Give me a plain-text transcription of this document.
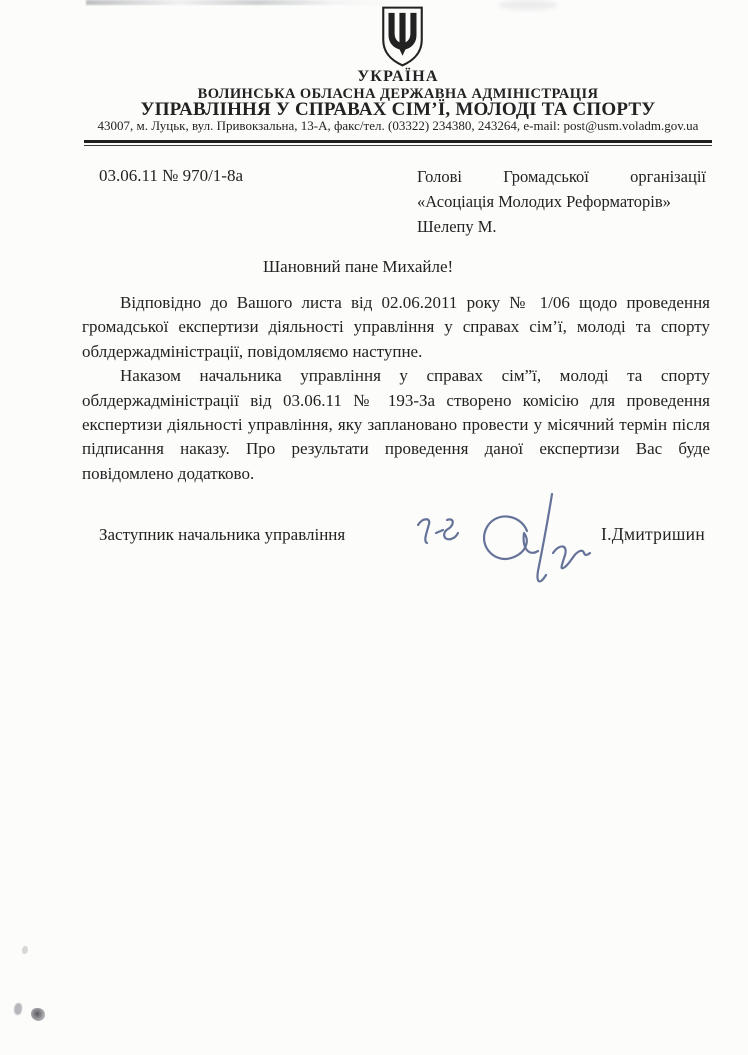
УКРАЇНА
ВОЛИНСЬКА ОБЛАСНА ДЕРЖАВНА АДМІНІСТРАЦІЯ
УПРАВЛІННЯ У СПРАВАХ СІМ’Ї, МОЛОДІ ТА СПОРТУ
43007, м. Луцьк, вул. Привокзальна, 13-А, факс/тел. (03322) 234380, 243264, e-mail: post@usm.voladm.gov.ua
03.06.11 № 970/1-8а	Голові Громадської організації
«Асоціація Молодих Реформаторів»
Шелепу М.
Шановний пане Михайле!

Відповідно до Вашого листа від 02.06.2011 року № 1/06 щодо проведення громадської експертизи діяльності управління у справах сім’ї, молоді та спорту облдержадміністрації, повідомляємо наступне.

Наказом начальника управління у справах сім”ї, молоді та спорту облдержадміністрації від 03.06.11 № 193-За створено комісію для проведення експертизи діяльності управління, яку заплановано провести у місячний термін після підписання наказу. Про результати проведення даної експертизи Вас буде повідомлено додатково.

Заступник начальника управління	І.Дмитришин
